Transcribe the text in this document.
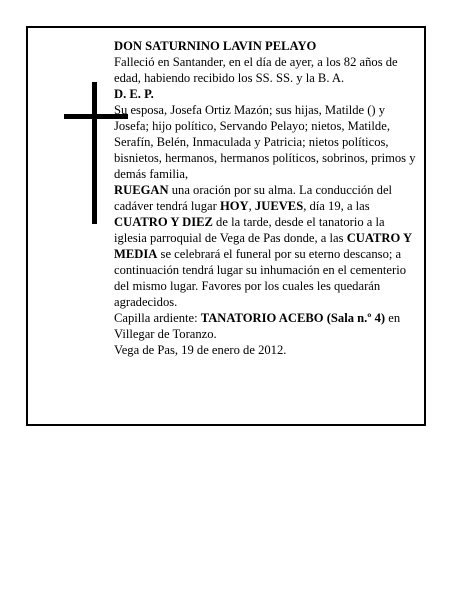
DON SATURNINO LAVIN PELAYO

Falleció en Santander, en el día de ayer, a los 82 años de edad, habiendo recibido los SS. SS. y la B. A.

D. E. P.

Su esposa, Josefa Ortiz Mazón; sus hijas, Matilde () y Josefa; hijo político, Servando Pelayo; nietos, Matilde, Serafín, Belén, Inmaculada y Patricia; nietos políticos, bisnietos, hermanos, hermanos políticos, sobrinos, primos y demás familia,

RUEGAN una oración por su alma. La conducción del cadáver tendrá lugar HOY, JUEVES, día 19, a las CUATRO Y DIEZ de la tarde, desde el tanatorio a la iglesia parroquial de Vega de Pas donde, a las CUATRO Y MEDIA se celebrará el funeral por su eterno descanso; a continuación tendrá lugar su inhumación en el cementerio del mismo lugar. Favores por los cuales les quedarán agradecidos.

Capilla ardiente: TANATORIO ACEBO (Sala n.º 4) en Villegar de Toranzo.

Vega de Pas, 19 de enero de 2012.
